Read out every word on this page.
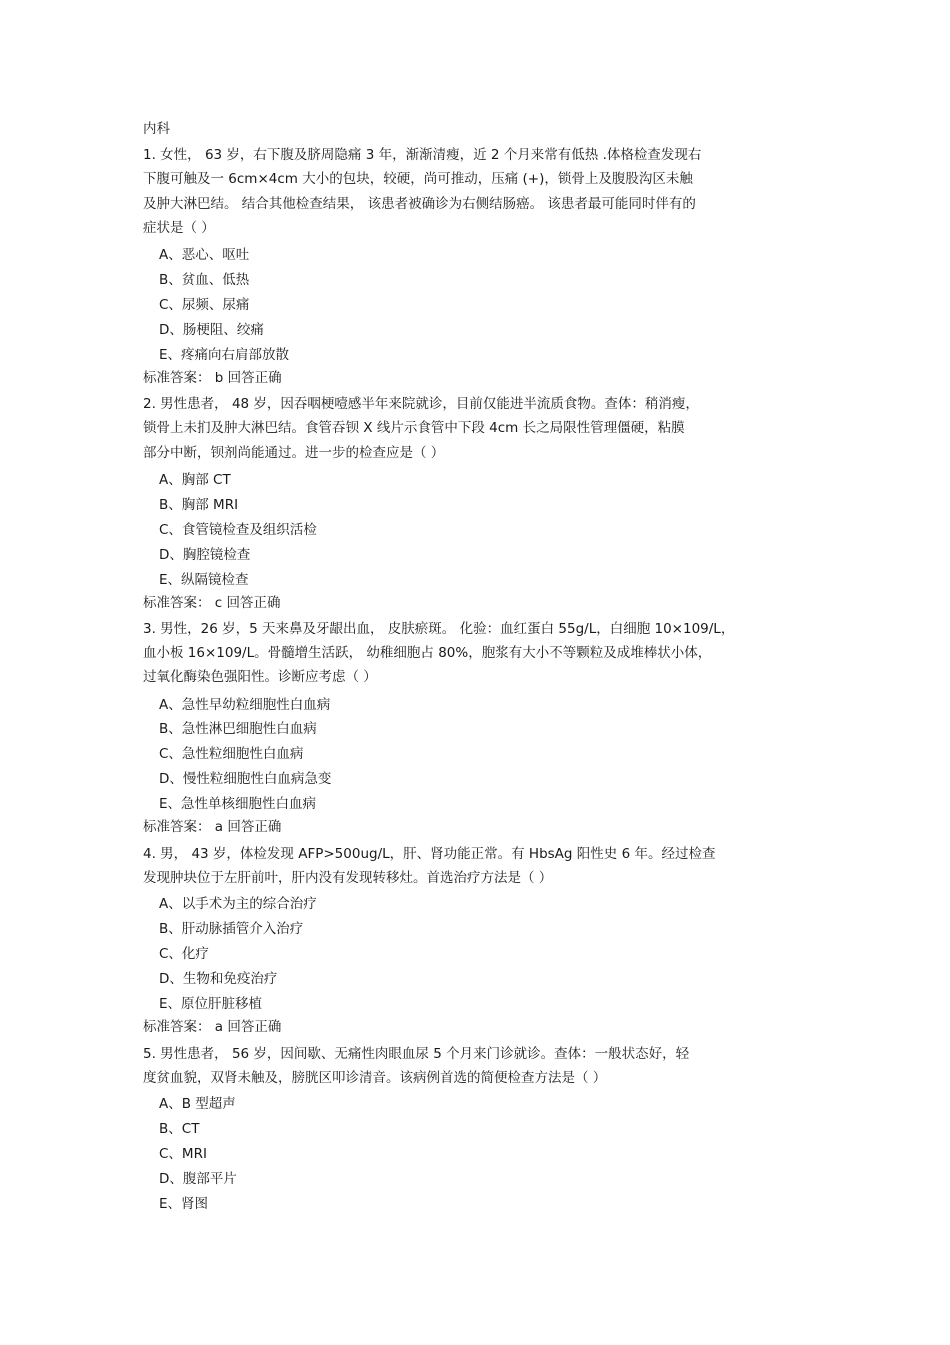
内科
1. 女性， 63 岁，右下腹及脐周隐痛 3 年，渐渐清瘦，近 2 个月来常有低热 .体格检查发现右
下腹可触及一 6cm×4cm 大小的包块，较硬，尚可推动，压痛 (+)，锁骨上及腹股沟区未触
及肿大淋巴结。 结合其他检查结果， 该患者被确诊为右侧结肠癌。 该患者最可能同时伴有的
症状是（ ）
A、恶心、呕吐
B、贫血、低热
C、尿频、尿痛
D、肠梗阻、绞痛
E、疼痛向右肩部放散
标准答案： b 回答正确
2. 男性患者， 48 岁，因吞咽梗噎感半年来院就诊，目前仅能进半流质食物。查体：稍消瘦，
锁骨上未扪及肿大淋巴结。食管吞钡 X 线片示食管中下段 4cm 长之局限性管理僵硬，粘膜
部分中断，钡剂尚能通过。进一步的检查应是（ ）
A、胸部 CT
B、胸部 MRI
C、食管镜检查及组织活检
D、胸腔镜检查
E、纵隔镜检查
标准答案： c 回答正确
3. 男性，26 岁，5 天来鼻及牙龈出血， 皮肤瘀斑。 化验：血红蛋白 55g/L，白细胞 10×109/L，
血小板 16×109/L。骨髓增生活跃， 幼稚细胞占 80%，胞浆有大小不等颗粒及成堆棒状小体，
过氧化酶染色强阳性。诊断应考虑（ ）
A、急性早幼粒细胞性白血病
B、急性淋巴细胞性白血病
C、急性粒细胞性白血病
D、慢性粒细胞性白血病急变
E、急性单核细胞性白血病
标准答案： a 回答正确
4. 男， 43 岁，体检发现 AFP>500ug/L，肝、肾功能正常。有 HbsAg 阳性史 6 年。经过检查
发现肿块位于左肝前叶，肝内没有发现转移灶。首选治疗方法是（ ）
A、以手术为主的综合治疗
B、肝动脉插管介入治疗
C、化疗
D、生物和免疫治疗
E、原位肝脏移植
标准答案： a 回答正确
5. 男性患者， 56 岁，因间歇、无痛性肉眼血尿 5 个月来门诊就诊。查体：一般状态好，轻
度贫血貌，双肾未触及，膀胱区叩诊清音。该病例首选的简便检查方法是（ ）
A、B 型超声
B、CT
C、MRI
D、腹部平片
E、肾图
